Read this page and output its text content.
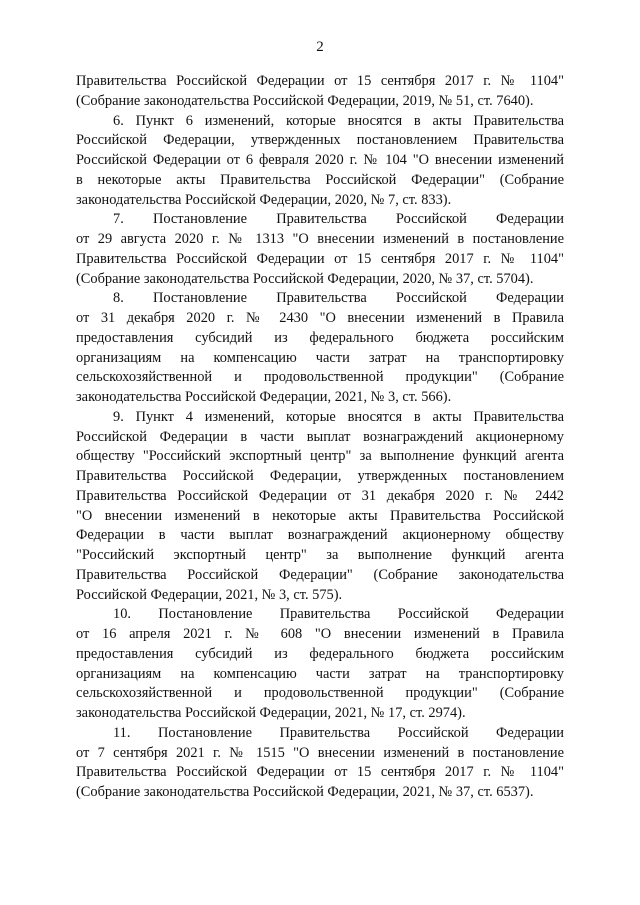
2
Правительства Российской Федерации от 15 сентября 2017 г. № 1104"
(Собрание законодательства Российской Федерации, 2019, № 51, ст. 7640).
6. Пункт 6 изменений, которые вносятся в акты Правительства
Российской Федерации, утвержденных постановлением Правительства
Российской Федерации от 6 февраля 2020 г. № 104 "О внесении изменений
в некоторые акты Правительства Российской Федерации" (Собрание
законодательства Российской Федерации, 2020, № 7, ст. 833).
7. Постановление Правительства Российской Федерации
от 29 августа 2020 г. № 1313 "О внесении изменений в постановление
Правительства Российской Федерации от 15 сентября 2017 г. № 1104"
(Собрание законодательства Российской Федерации, 2020, № 37, ст. 5704).
8. Постановление Правительства Российской Федерации
от 31 декабря 2020 г. № 2430 "О внесении изменений в Правила
предоставления субсидий из федерального бюджета российским
организациям на компенсацию части затрат на транспортировку
сельскохозяйственной и продовольственной продукции" (Собрание
законодательства Российской Федерации, 2021, № 3, ст. 566).
9. Пункт 4 изменений, которые вносятся в акты Правительства
Российской Федерации в части выплат вознаграждений акционерному
обществу "Российский экспортный центр" за выполнение функций агента
Правительства Российской Федерации, утвержденных постановлением
Правительства Российской Федерации от 31 декабря 2020 г. № 2442
"О внесении изменений в некоторые акты Правительства Российской
Федерации в части выплат вознаграждений акционерному обществу
"Российский экспортный центр" за выполнение функций агента
Правительства Российской Федерации" (Собрание законодательства
Российской Федерации, 2021, № 3, ст. 575).
10. Постановление Правительства Российской Федерации
от 16 апреля 2021 г. № 608 "О внесении изменений в Правила
предоставления субсидий из федерального бюджета российским
организациям на компенсацию части затрат на транспортировку
сельскохозяйственной и продовольственной продукции" (Собрание
законодательства Российской Федерации, 2021, № 17, ст. 2974).
11. Постановление Правительства Российской Федерации
от 7 сентября 2021 г. № 1515 "О внесении изменений в постановление
Правительства Российской Федерации от 15 сентября 2017 г. № 1104"
(Собрание законодательства Российской Федерации, 2021, № 37, ст. 6537).
